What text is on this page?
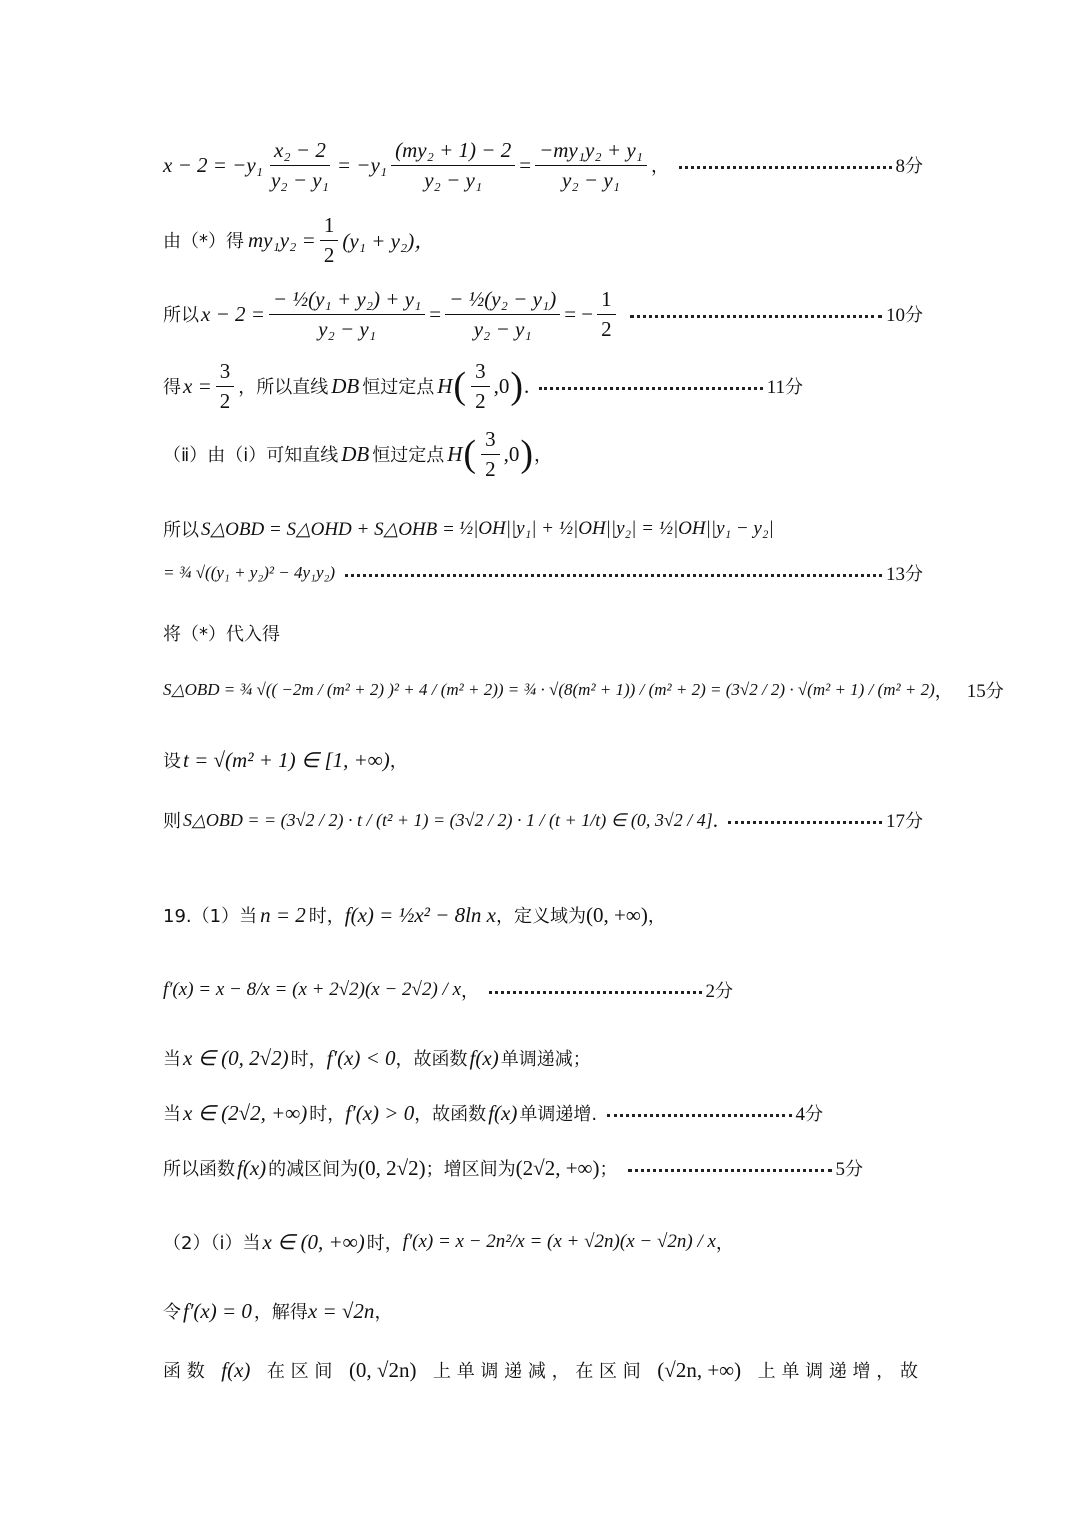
$x - 2 = -y_1 \frac{\text{x₂ − 2}}{\text{y₂ − y₁}} = -y_1 \frac{\text{(my₂ + 1) − 2}}{\text{y₂ − y₁}} = \frac{\text{−my₁y₂ + y₁}}{\text{y₂ − y₁}}$ ，	8分
由（*）得 $my_1y_2 = \frac{1}{2} (y_1 + y_2)$，
所以 $x - 2 = \frac{\text{− ½(y₁ + y₂) + y₁}}{\text{y₂ − y₁}} = \frac{\text{− ½(y₂ − y₁)}}{\text{y₂ − y₁}}$ = − $\frac{1}{2}$	10分
得 $x = \frac{3}{2}$ ，所以直线 DB 恒过定点 H ( $\frac{3}{2} ,0$ ) .	11分
（ⅱ）由（ⅰ）可知直线 DB 恒过定点 H ( $\frac{3}{2} ,0$ ) ，
所以 S△OBD = S△OHD + S△OHB = ½|OH||y₁| + ½|OH||y₂| = ½|OH||y₁ − y₂|
= ¾ √((y₁ + y₂)² − 4y₁y₂)	13分
将（*）代入得
S△OBD = ¾ √(( −2m / (m² + 2) )² + 4 / (m² + 2)) = ¾ · √(8(m² + 1)) / (m² + 2) = (3√2 / 2) · √(m² + 1) / (m² + 2) ， 15分
设 t = √(m² + 1) ∈ [1, +∞) ，
则 S△OBD = = (3√2 / 2) · t / (t² + 1) = (3√2 / 2) · 1 / (t + 1/t) ∈ (0, 3√2 / 4] .	17分
19.（1）当 n = 2 时， f(x) = ½x² − 8ln x ，定义域为 (0, +∞) ，
f′(x) = x − 8/x = (x + 2√2)(x − 2√2) / x ，	2分
当 x ∈ (0, 2√2) 时， f′(x) < 0 ，故函数 f(x) 单调递减；
当 x ∈ (2√2, +∞) 时， f′(x) > 0 ，故函数 f(x) 单调递增.	4分
所以函数 f(x) 的减区间为 (0, 2√2) ；增区间为 (2√2, +∞) ；	5分
（2）（ⅰ）当 x ∈ (0, +∞) 时， f′(x) = x − 2n²/x = (x + √2n)(x − √2n) / x ，
令 f′(x) = 0 ，解得 x = √2n ，
函 数 f(x) 在 区 间 (0, √2n) 上 单 调 递 减 ， 在 区 间 (√2n, +∞) 上 单 调 递 增 ， 故
